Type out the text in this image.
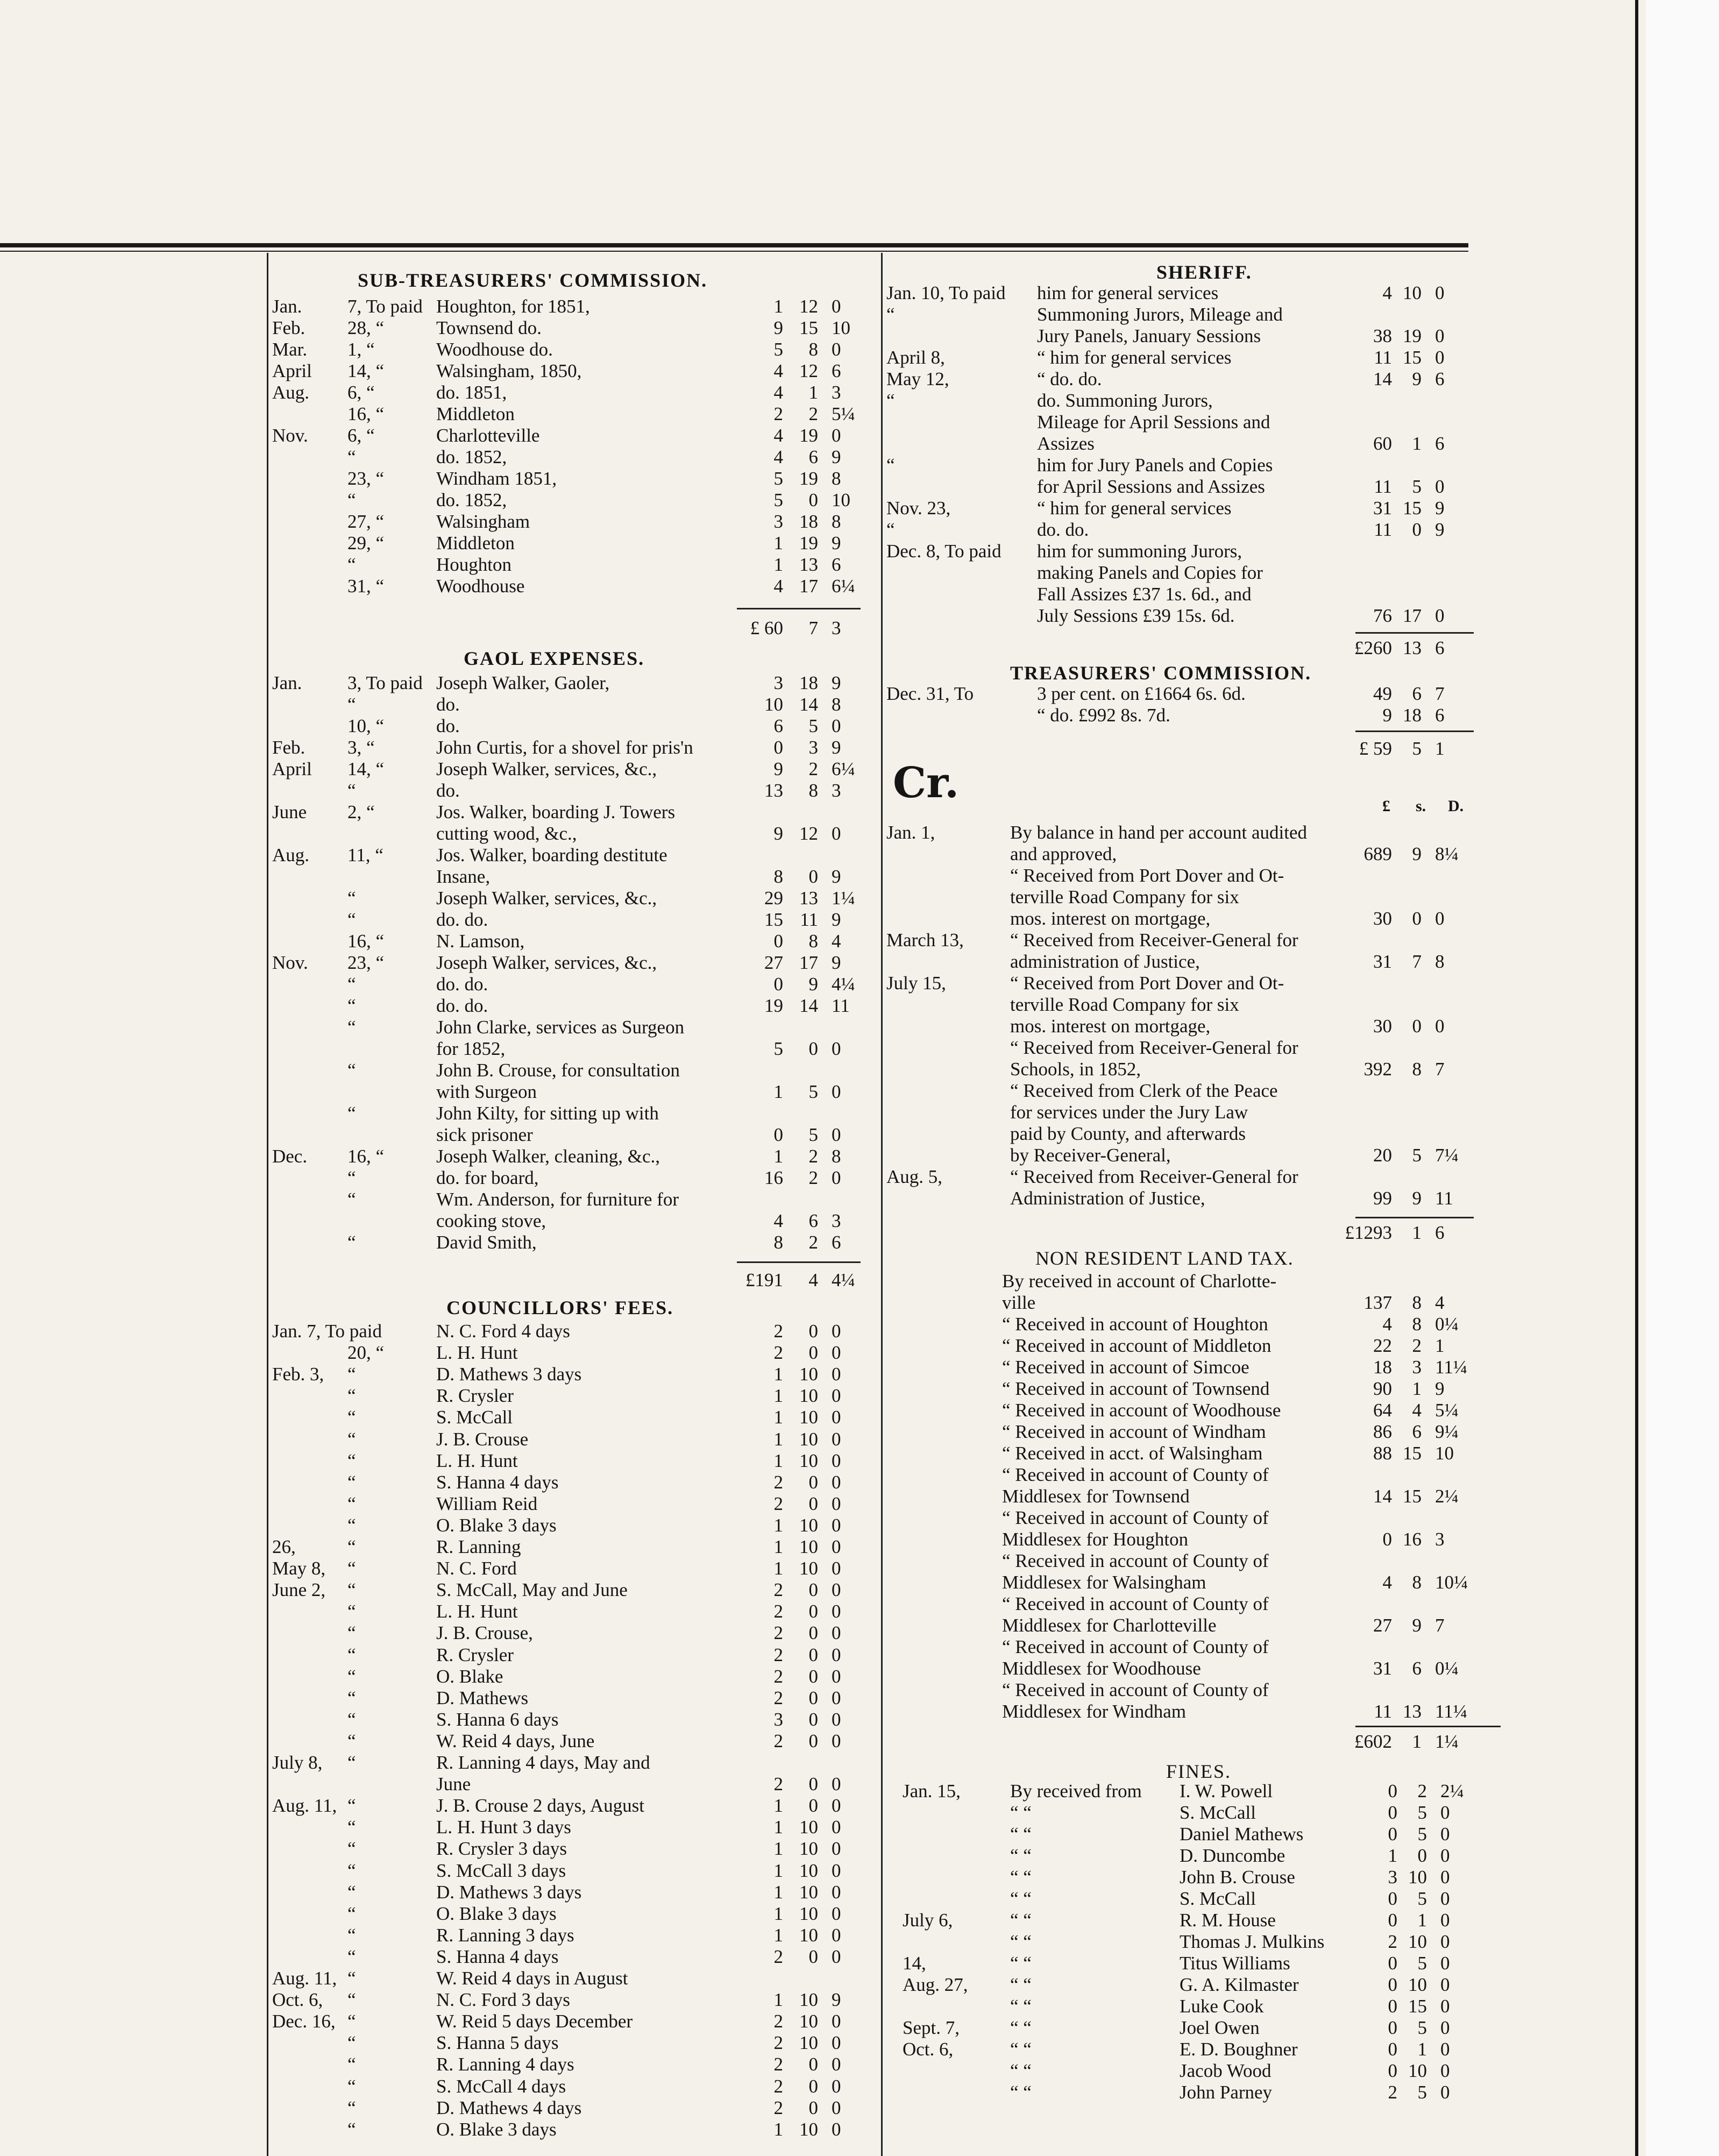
SUB-TREASURERS' COMMISSION.
Jan. 7, To paid Houghton, for 1851,	1 12 0
Feb. 28, “	Townsend do.	9 15 10
Mar. 1, “	Woodhouse do.	5	8 0
April 14, “	Walsingham, 1850,	4 12 6
Aug. 6, “	do. 1851,	4	1 3
16, “	Middleton	2	2 5¼
Nov. 6, “	Charlotteville	4 19 0
“	do. 1852,	4	6 9
23, “	Windham 1851,	5 19 8
“	do. 1852,	5	0 10
27, “	Walsingham	3 18 8
29, “	Middleton	1 19 9
“	Houghton	1 13 6
31, “	Woodhouse	4 17 6¼
£ 60	7 3
GAOL EXPENSES.
Jan. 3, To paid Joseph Walker, Gaoler,	3 18 9
“	do.	10 14 8
10, “	do.	6	5 0
Feb. 3, “	John Curtis, for a shovel for pris'n	0	3 9
April 14, “	Joseph Walker, services, &c.,	9	2 6¼
“	do.	13	8 3
June 2, “	Jos. Walker, boarding J. Towers
cutting wood, &c.,	9 12 0
Aug. 11, “	Jos. Walker, boarding destitute
Insane,	8	0 9
“	Joseph Walker, services, &c.,	29 13 1¼
“	do. do.	15 11 9
16, “	N. Lamson,	0	8 4
Nov. 23, “	Joseph Walker, services, &c.,	27 17 9
“	do. do.	0	9 4¼
“	do. do.	19 14 11
“	John Clarke, services as Surgeon
for 1852,	5	0 0
“	John B. Crouse, for consultation
with Surgeon	1	5 0
“	John Kilty, for sitting up with
sick prisoner	0	5 0
Dec. 16, “	Joseph Walker, cleaning, &c.,	1	2 8
“	do. for board,	16	2 0
“	Wm. Anderson, for furniture for
cooking stove,	4	6 3
“	David Smith,	8	2 6
£191	4 4¼
COUNCILLORS' FEES.
Jan. 7, To paid	N. C. Ford 4 days	2	0 0
20, “	L. H. Hunt	2	0 0
Feb. 3, “	D. Mathews 3 days	1 10 0
“	R. Crysler	1 10 0
“	S. McCall	1 10 0
“	J. B. Crouse	1 10 0
“	L. H. Hunt	1 10 0
“	S. Hanna 4 days	2	0 0
“	William Reid	2	0 0
“	O. Blake 3 days	1 10 0
26,	“	R. Lanning	1 10 0
May 8, “	N. C. Ford	1 10 0
June 2, “	S. McCall, May and June	2	0 0
“	L. H. Hunt	2	0 0
“	J. B. Crouse,	2	0 0
“	R. Crysler	2	0 0
“	O. Blake	2	0 0
“	D. Mathews	2	0 0
“	S. Hanna 6 days	3	0 0
“	W. Reid 4 days, June	2	0 0
July 8, “	R. Lanning 4 days, May and
June	2	0 0
Aug. 11, “	J. B. Crouse 2 days, August	1	0 0
“	L. H. Hunt 3 days	1 10 0
“	R. Crysler 3 days	1 10 0
“	S. McCall 3 days	1 10 0
“	D. Mathews 3 days	1 10 0
“	O. Blake 3 days	1 10 0
“	R. Lanning 3 days	1 10 0
“	S. Hanna 4 days	2	0 0
Aug. 11, “	W. Reid 4 days in August
Oct. 6, “	N. C. Ford 3 days	1 10 9
Dec. 16, “	W. Reid 5 days December	2 10 0
“	S. Hanna 5 days	2 10 0
“	R. Lanning 4 days	2	0 0
“	S. McCall 4 days	2	0 0
“	D. Mathews 4 days	2	0 0
“	O. Blake 3 days	1 10 0
SHERIFF.
Jan. 10, To paid him for general services	4 10 0
“	Summoning Jurors, Mileage and
Jury Panels, January Sessions	38 19 0
April 8,	“ him for general services	11 15 0
May 12,	“ do. do.	14	9 6
“	do. Summoning Jurors,
Mileage for April Sessions and
Assizes	60	1 6
“	him for Jury Panels and Copies
for April Sessions and Assizes	11	5 0
Nov. 23,	“ him for general services	31 15 9
“	do. do.	11	0 9
Dec. 8, To paid him for summoning Jurors,
making Panels and Copies for
Fall Assizes £37 1s. 6d., and
July Sessions £39 15s. 6d.	76 17 0
£260 13 6
TREASURERS' COMMISSION.
Dec. 31, To	3 per cent. on £1664 6s. 6d.	49	6 7
“ do. £992 8s. 7d.	9 18 6
£ 59	5 1
Cr.	£ s. D.
Jan. 1,	By balance in hand per account audited
and approved,	689	9 8¼
“ Received from Port Dover and Ot-
terville Road Company for six
mos. interest on mortgage,	30	0 0
March 13, “ Received from Receiver-General for
administration of Justice,	31	7 8
July 15,	“ Received from Port Dover and Ot-
terville Road Company for six
mos. interest on mortgage,	30	0 0
“ Received from Receiver-General for
Schools, in 1852,	392	8 7
“ Received from Clerk of the Peace
for services under the Jury Law
paid by County, and afterwards
by Receiver-General,	20	5 7¼
Aug. 5,	“ Received from Receiver-General for
Administration of Justice,	99	9 11
£1293	1 6
NON RESIDENT LAND TAX.
By received in account of Charlotte-
ville	137	8 4
“ Received in account of Houghton	4	8 0¼
“ Received in account of Middleton	22	2 1
“ Received in account of Simcoe	18	3 11¼
“ Received in account of Townsend	90	1 9
“ Received in account of Woodhouse	64	4 5¼
“ Received in account of Windham	86	6 9¼
“ Received in acct. of Walsingham	88 15 10
“ Received in account of County of
Middlesex for Townsend	14 15 2¼
“ Received in account of County of
Middlesex for Houghton	0 16 3
“ Received in account of County of
Middlesex for Walsingham	4	8 10¼
“ Received in account of County of
Middlesex for Charlotteville	27	9 7
“ Received in account of County of
Middlesex for Woodhouse	31	6 0¼
“ Received in account of County of
Middlesex for Windham	11 13 11¼
£602	1 1¼
FINES.
Jan. 15,	By received from I. W. Powell	0	2 2¼
“ “	S. McCall	0	5 0
“ “	Daniel Mathews	0	5 0
“ “	D. Duncombe	1	0 0
“ “	John B. Crouse	3 10 0
“ “	S. McCall	0	5 0
July 6,	“ “	R. M. House	0	1 0
“ “	Thomas J. Mulkins	2 10 0
14,	“ “	Titus Williams	0	5 0
Aug. 27, “ “	G. A. Kilmaster	0 10 0
“ “	Luke Cook	0 15 0
Sept. 7,	“ “	Joel Owen	0	5 0
Oct. 6,	“ “	E. D. Boughner	0	1 0
“ “	Jacob Wood	0 10 0
“ “	John Parney	2	5 0
